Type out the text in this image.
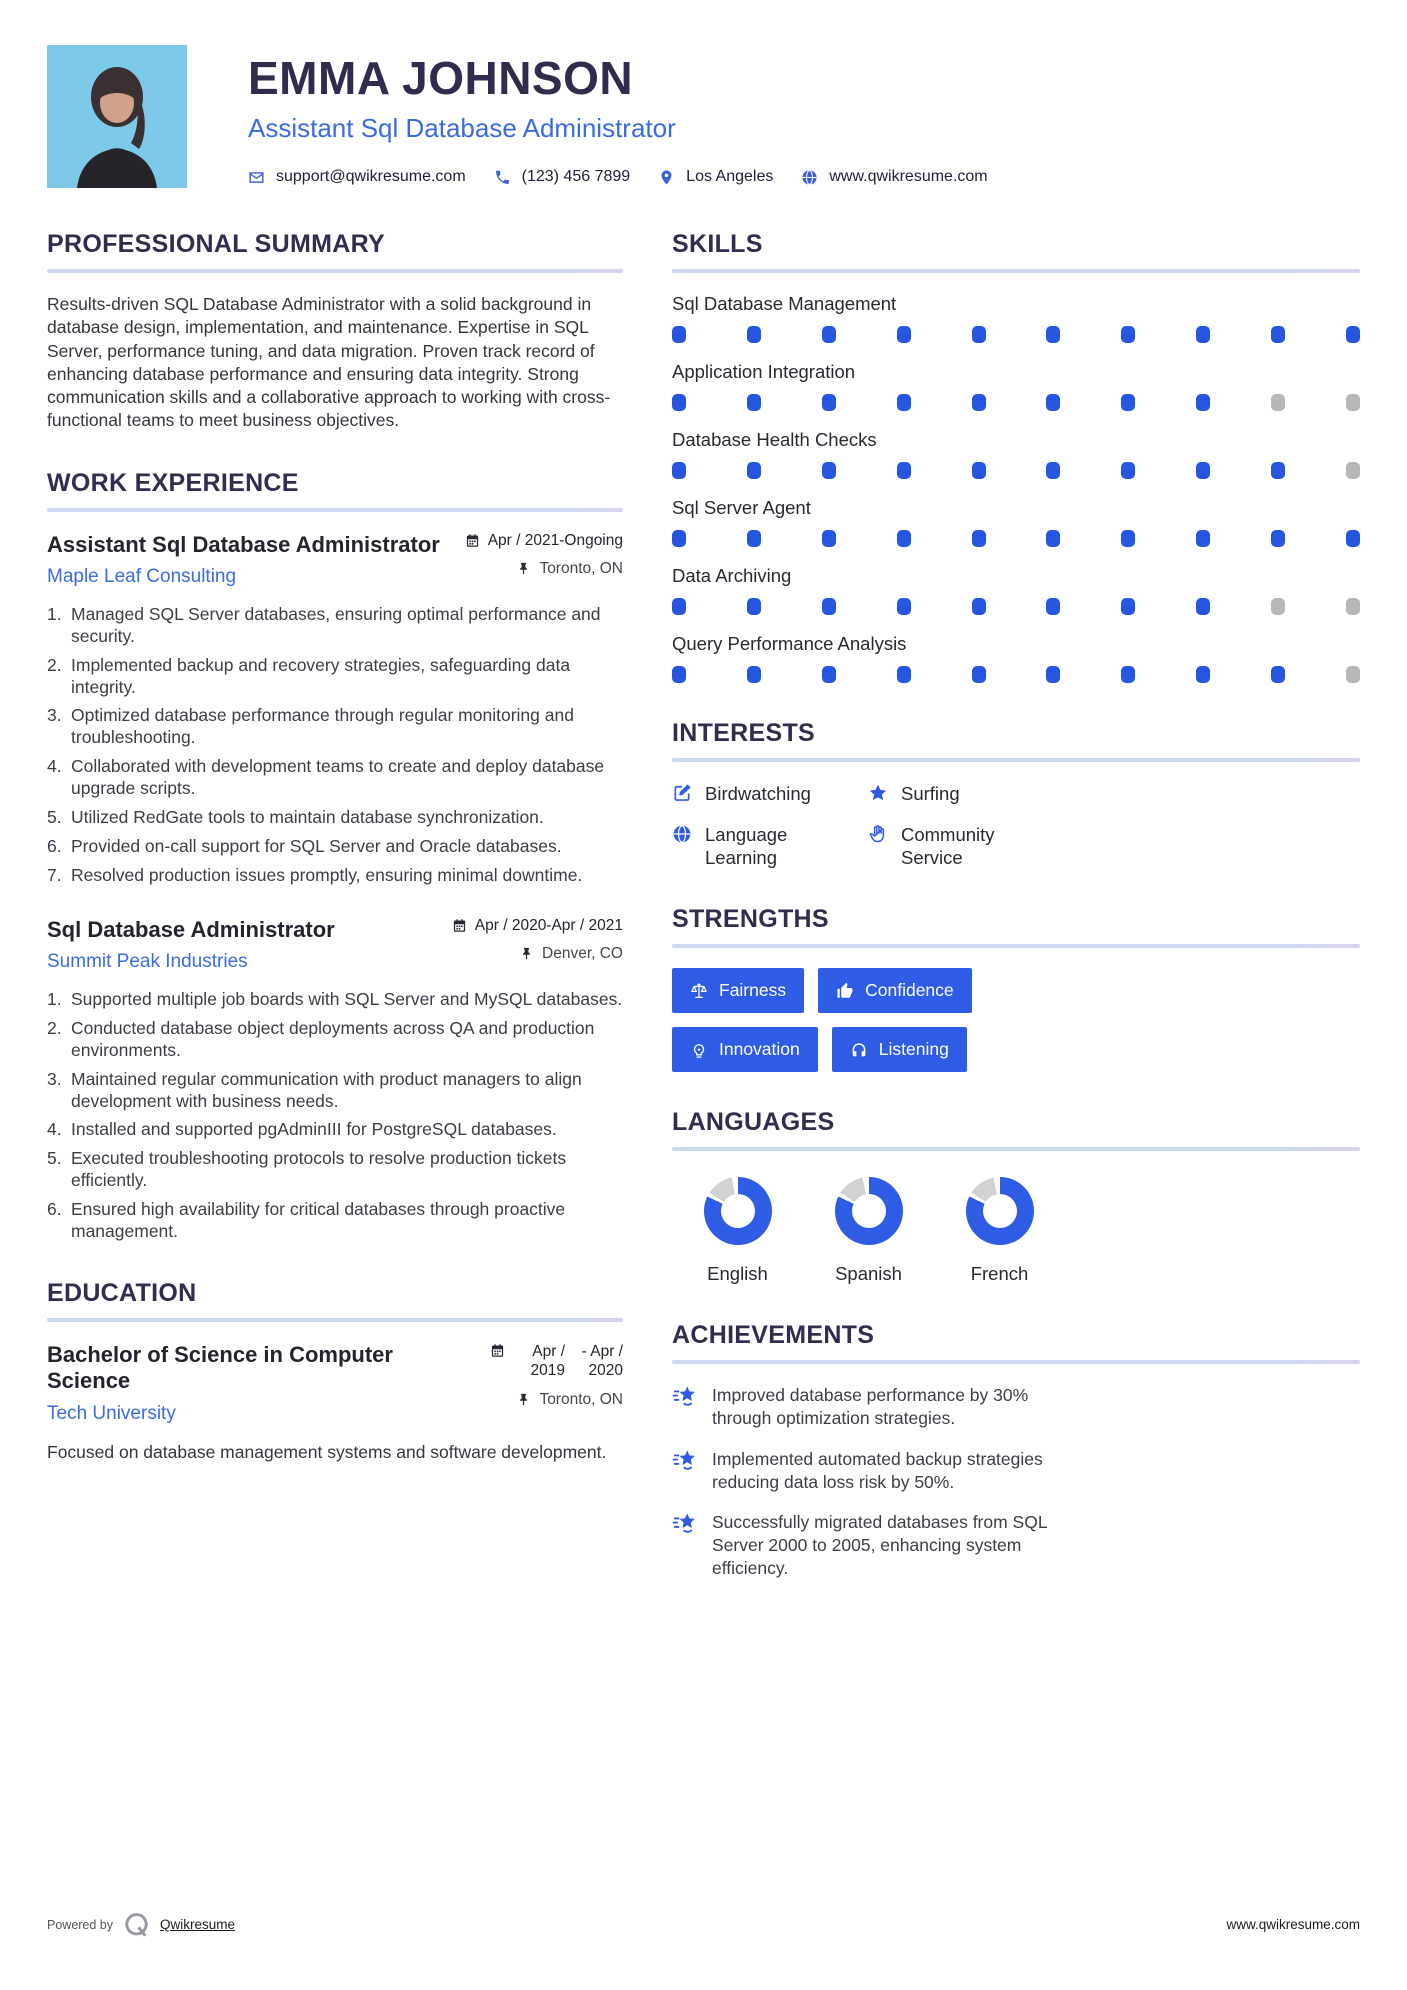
EMMA JOHNSON
Assistant Sql Database Administrator
support@qwikresume.com	(123) 456 7899	Los Angeles	www.qwikresume.com
PROFESSIONAL SUMMARY

Results-driven SQL Database Administrator with a solid background in database design, implementation, and maintenance. Expertise in SQL Server, performance tuning, and data migration. Proven track record of enhancing database performance and ensuring data integrity. Strong communication skills and a collaborative approach to working with cross-functional teams to meet business objectives.

WORK EXPERIENCE
Assistant Sql Database Administrator
Maple Leaf Consulting
Apr / 2021-Ongoing
Toronto, ON
Managed SQL Server databases, ensuring optimal performance and security.
Implemented backup and recovery strategies, safeguarding data integrity.
Optimized database performance through regular monitoring and troubleshooting.
Collaborated with development teams to create and deploy database upgrade scripts.
Utilized RedGate tools to maintain database synchronization.
Provided on-call support for SQL Server and Oracle databases.
Resolved production issues promptly, ensuring minimal downtime.
Sql Database Administrator
Summit Peak Industries
Apr / 2020-Apr / 2021
Denver, CO
Supported multiple job boards with SQL Server and MySQL databases.
Conducted database object deployments across QA and production environments.
Maintained regular communication with product managers to align development with business needs.
Installed and supported pgAdminIII for PostgreSQL databases.
Executed troubleshooting protocols to resolve production tickets efficiently.
Ensured high availability for critical databases through proactive management.
EDUCATION
Bachelor of Science in Computer Science
Tech University
Apr / 2019
- Apr / 2020
Toronto, ON

Focused on database management systems and software development.

SKILLS
Sql Database Management
Application Integration
Database Health Checks
Sql Server Agent
Data Archiving
Query Performance Analysis
INTERESTS
Birdwatching	Surfing
Language Learning
Community Service
STRENGTHS
Fairness	Confidence
Innovation	Listening
LANGUAGES
English	Spanish	French
ACHIEVEMENTS
Improved database performance by 30% through optimization strategies.
Implemented automated backup strategies reducing data loss risk by 50%.
Successfully migrated databases from SQL Server 2000 to 2005, enhancing system efficiency.
Powered by	Qwikresume	www.qwikresume.com
